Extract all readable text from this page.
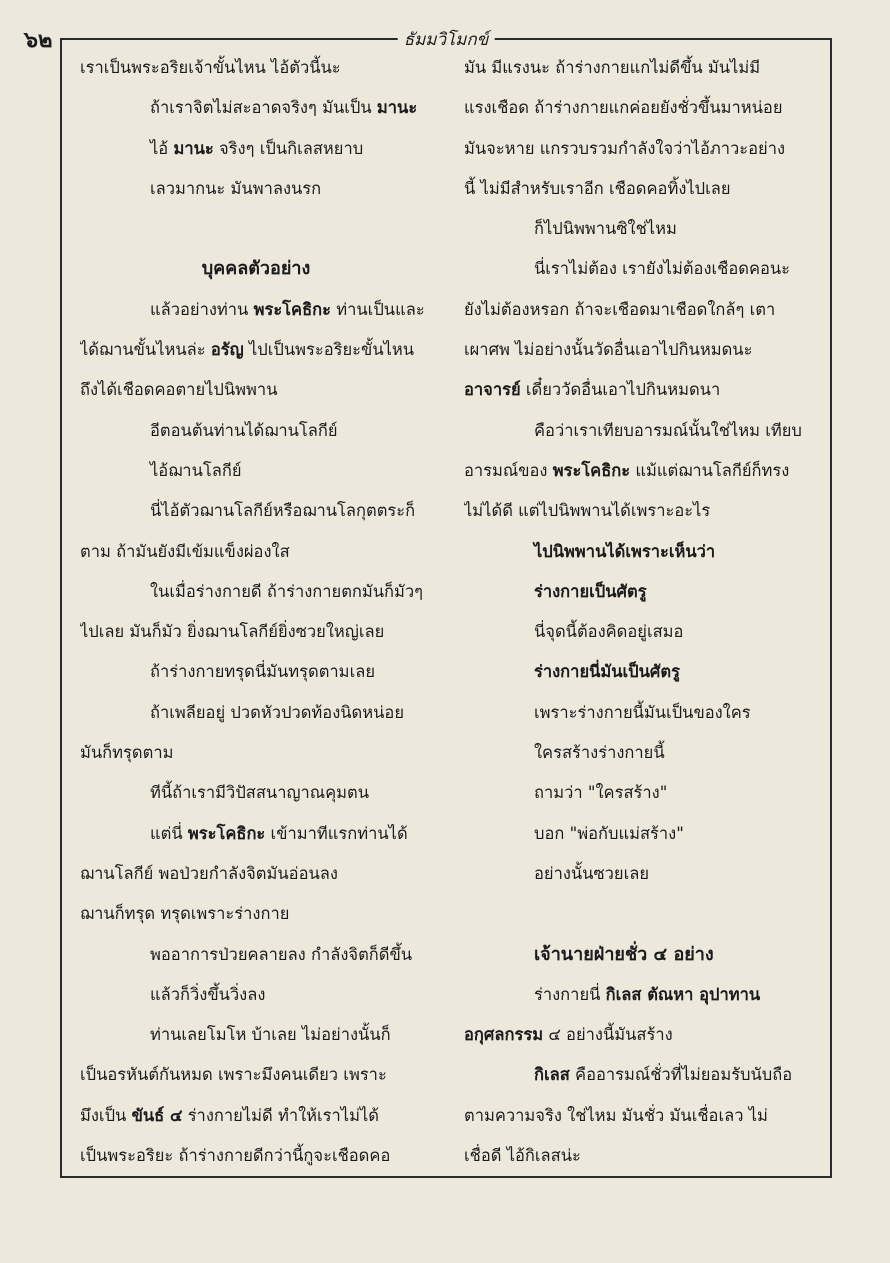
๖๒	ธัมมวิโมกข์
เราเป็นพระอริยเจ้าขั้นไหน ไอ้ตัวนี้นะ
ถ้าเราจิตไม่สะอาดจริงๆ มันเป็น มานะ
ไอ้ มานะ จริงๆ เป็นกิเลสหยาบ
เลวมากนะ มันพาลงนรก
บุคคลตัวอย่าง
แล้วอย่างท่าน พระโคธิกะ ท่านเป็นและ
ได้ฌานขั้นไหนล่ะ อรัญ ไปเป็นพระอริยะขั้นไหน
ถึงได้เชือดคอตายไปนิพพาน
อีตอนต้นท่านได้ฌานโลกีย์
ไอ้ฌานโลกีย์
นี่ไอ้ตัวฌานโลกีย์หรือฌานโลกุตตระก็
ตาม ถ้ามันยังมีเข้มแข็งผ่องใส
ในเมื่อร่างกายดี ถ้าร่างกายตกมันก็มัวๆ
ไปเลย มันก็มัว ยิ่งฌานโลกีย์ยิ่งซวยใหญ่เลย
ถ้าร่างกายทรุดนี่มันทรุดตามเลย
ถ้าเพลียอยู่ ปวดหัวปวดท้องนิดหน่อย
มันก็ทรุดตาม
ทีนี้ถ้าเรามีวิปัสสนาญาณคุมตน
แต่นี่ พระโคธิกะ เข้ามาทีแรกท่านได้
ฌานโลกีย์ พอป่วยกำลังจิตมันอ่อนลง
ฌานก็ทรุด ทรุดเพราะร่างกาย
พออาการป่วยคลายลง กำลังจิตก็ดีขึ้น
แล้วก็วิ่งขึ้นวิ่งลง
ท่านเลยโมโห บ้าเลย ไม่อย่างนั้นก็
เป็นอรหันต์กันหมด เพราะมึงคนเดียว เพราะ
มึงเป็น ขันธ์ ๔ ร่างกายไม่ดี ทำให้เราไม่ได้
เป็นพระอริยะ ถ้าร่างกายดีกว่านี้กูจะเชือดคอ
มัน มีแรงนะ ถ้าร่างกายแกไม่ดีขึ้น มันไม่มี
แรงเชือด ถ้าร่างกายแกค่อยยังชั่วขึ้นมาหน่อย
มันจะหาย แกรวบรวมกำลังใจว่าไอ้ภาวะอย่าง
นี้ ไม่มีสำหรับเราอีก เชือดคอทิ้งไปเลย
ก็ไปนิพพานซิใช่ไหม
นี่เราไม่ต้อง เรายังไม่ต้องเชือดคอนะ
ยังไม่ต้องหรอก ถ้าจะเชือดมาเชือดใกล้ๆ เตา
เผาศพ ไม่อย่างนั้นวัดอื่นเอาไปกินหมดนะ
อาจารย์ เดี๋ยววัดอื่นเอาไปกินหมดนา
คือว่าเราเทียบอารมณ์นั้นใช่ไหม เทียบ
อารมณ์ของ พระโคธิกะ แม้แต่ฌานโลกีย์ก็ทรง
ไม่ได้ดี แต่ไปนิพพานได้เพราะอะไร
ไปนิพพานได้เพราะเห็นว่า
ร่างกายเป็นศัตรู
นี่จุดนี้ต้องคิดอยู่เสมอ
ร่างกายนี่มันเป็นศัตรู
เพราะร่างกายนี้มันเป็นของใคร
ใครสร้างร่างกายนี้
ถามว่า "ใครสร้าง"
บอก "พ่อกับแม่สร้าง"
อย่างนั้นซวยเลย
เจ้านายฝ่ายชั่ว ๔ อย่าง
ร่างกายนี่ กิเลส ตัณหา อุปาทาน
อกุศลกรรม ๔ อย่างนี้มันสร้าง
กิเลส คืออารมณ์ชั่วที่ไม่ยอมรับนับถือ
ตามความจริง ใช่ไหม มันชั่ว มันเชื่อเลว ไม่
เชื่อดี ไอ้กิเลสน่ะ
